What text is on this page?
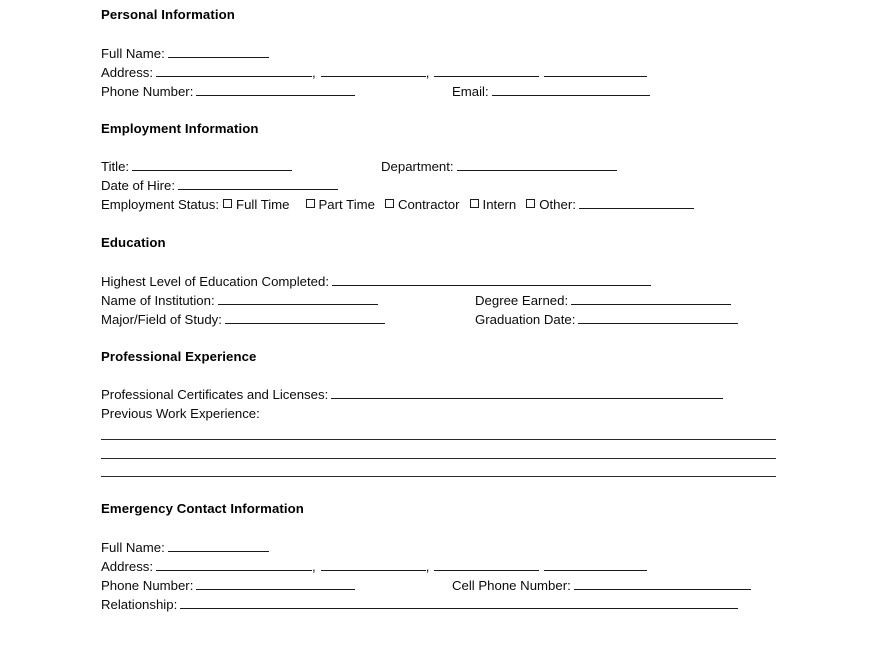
Personal Information
Full Name:
Address:	,	,
Phone Number:	Email:
Employment Information
Title:	Department:
Date of Hire:
Employment Status: Full Time Part Time Contractor Intern Other:
Education
Highest Level of Education Completed:
Name of Institution:	Degree Earned:
Major/Field of Study:	Graduation Date:
Professional Experience
Professional Certificates and Licenses:
Previous Work Experience:
Emergency Contact Information
Full Name:
Address:	,	,
Phone Number:	Cell Phone Number:
Relationship:
